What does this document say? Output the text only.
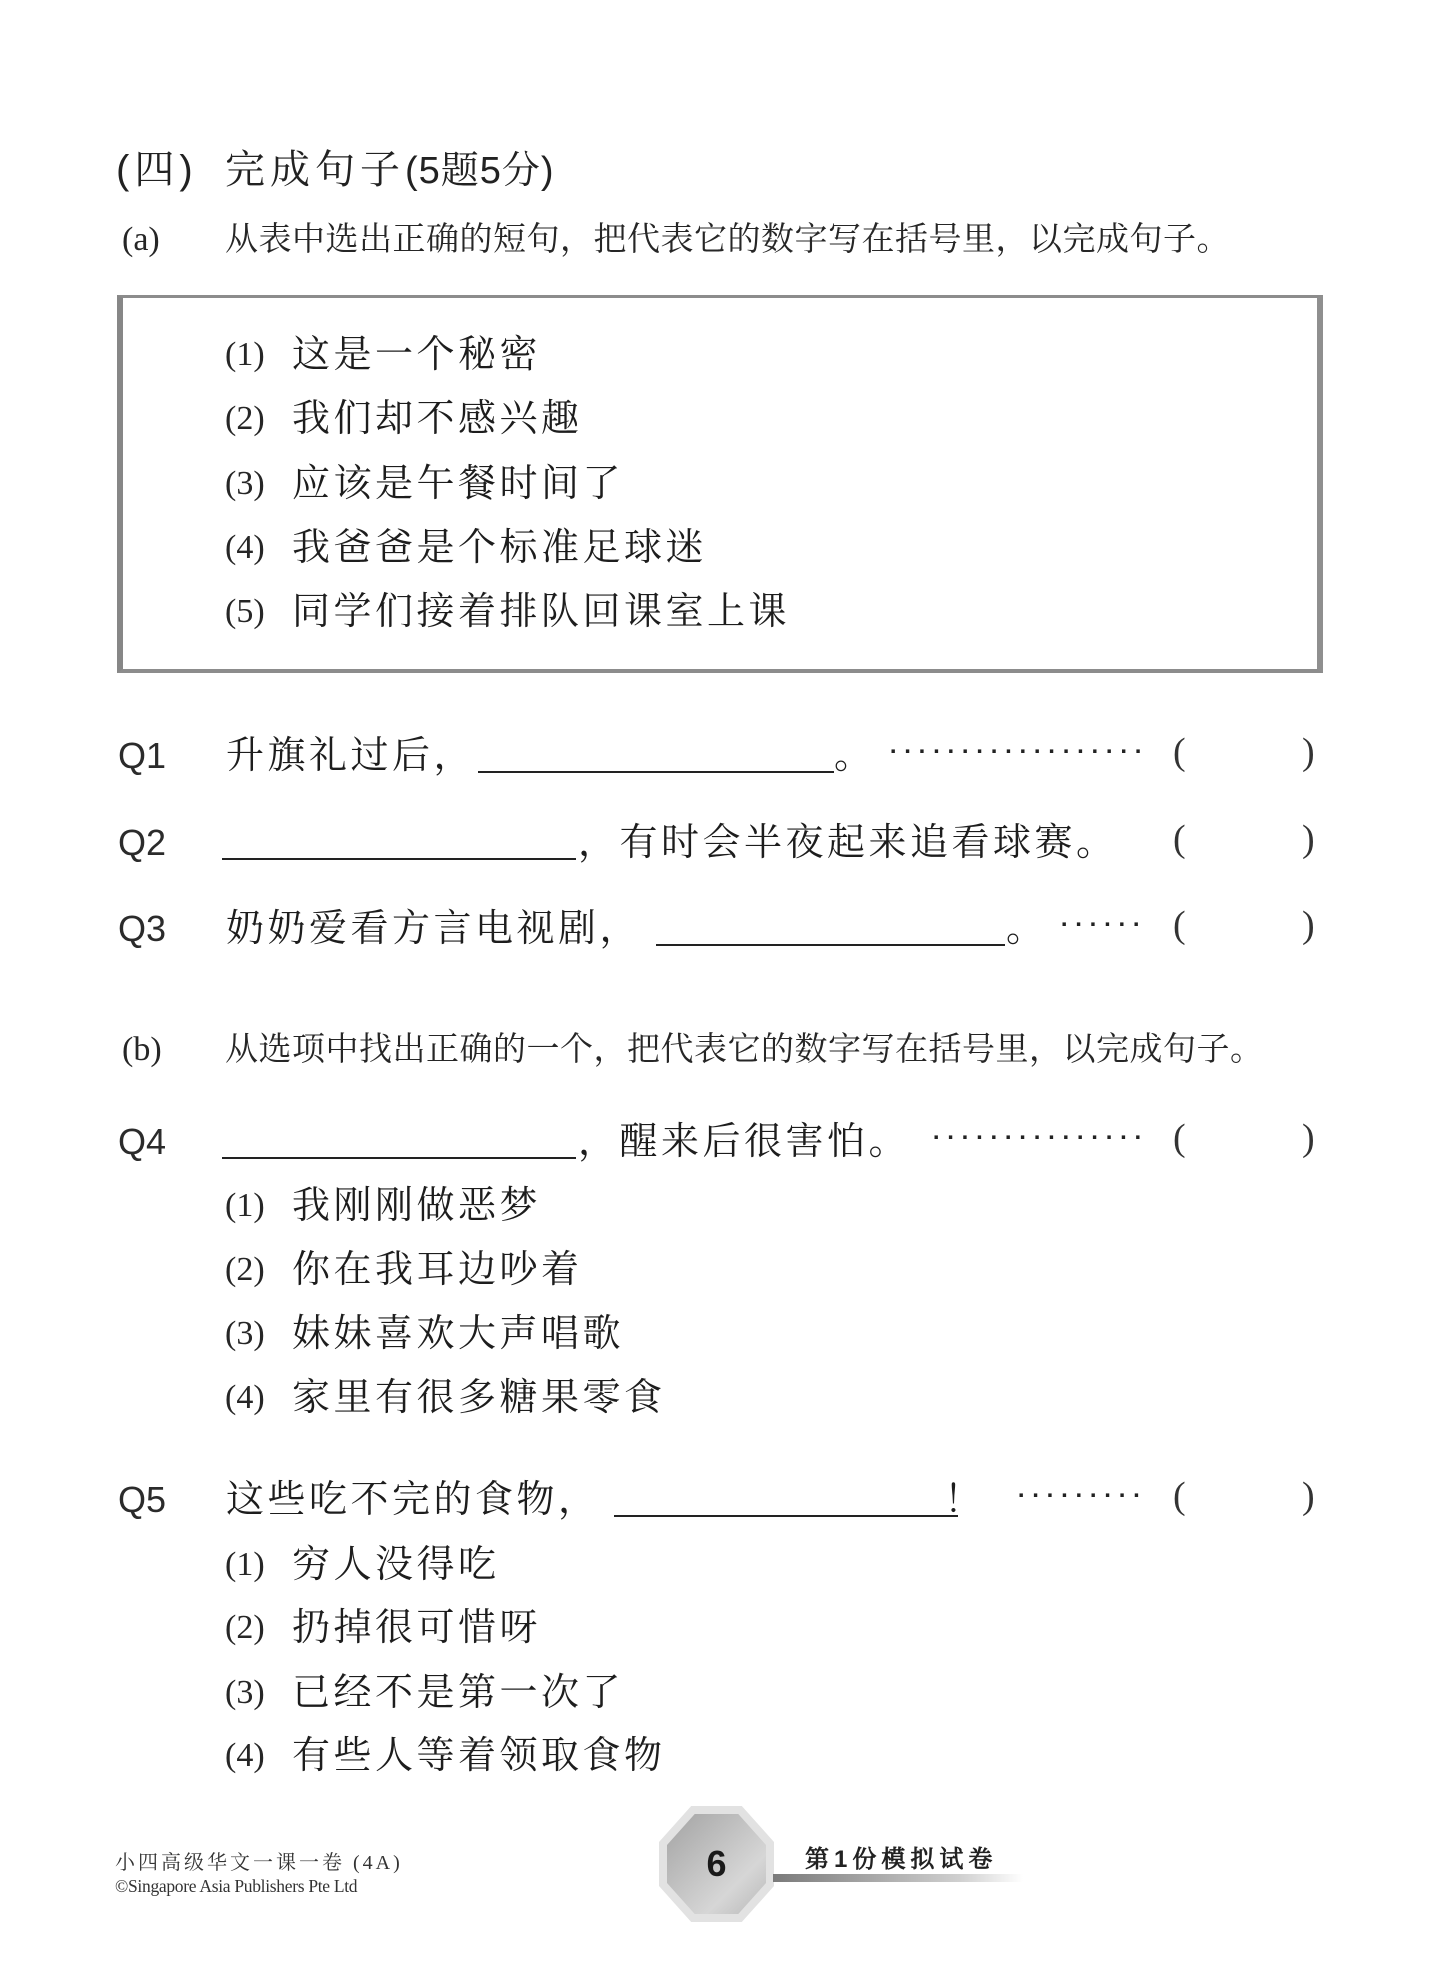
(四) 完成句子(5题5分)
(a) 从表中选出正确的短句，把代表它的数字写在括号里，以完成句子。
(1) 这是一个秘密
(2) 我们却不感兴趣
(3) 应该是午餐时间了
(4) 我爸爸是个标准足球迷
(5) 同学们接着排队回课室上课
Q1 升旗礼过后，	。 ·················· (	)
Q2	，有时会半夜起来追看球赛。 (	)
Q3 奶奶爱看方言电视剧，	。 ······ (	)
(b) 从选项中找出正确的一个，把代表它的数字写在括号里，以完成句子。
Q4	，醒来后很害怕。 ··············· (	)
(1) 我刚刚做恶梦
(2) 你在我耳边吵着
(3) 妹妹喜欢大声唱歌
(4) 家里有很多糖果零食
Q5 这些吃不完的食物，	！ ········· (	)
(1) 穷人没得吃
(2) 扔掉很可惜呀
(3) 已经不是第一次了
(4) 有些人等着领取食物
小四高级华文一课一卷 (4A)
©Singapore Asia Publishers Pte Ltd
6	第1份模拟试卷
